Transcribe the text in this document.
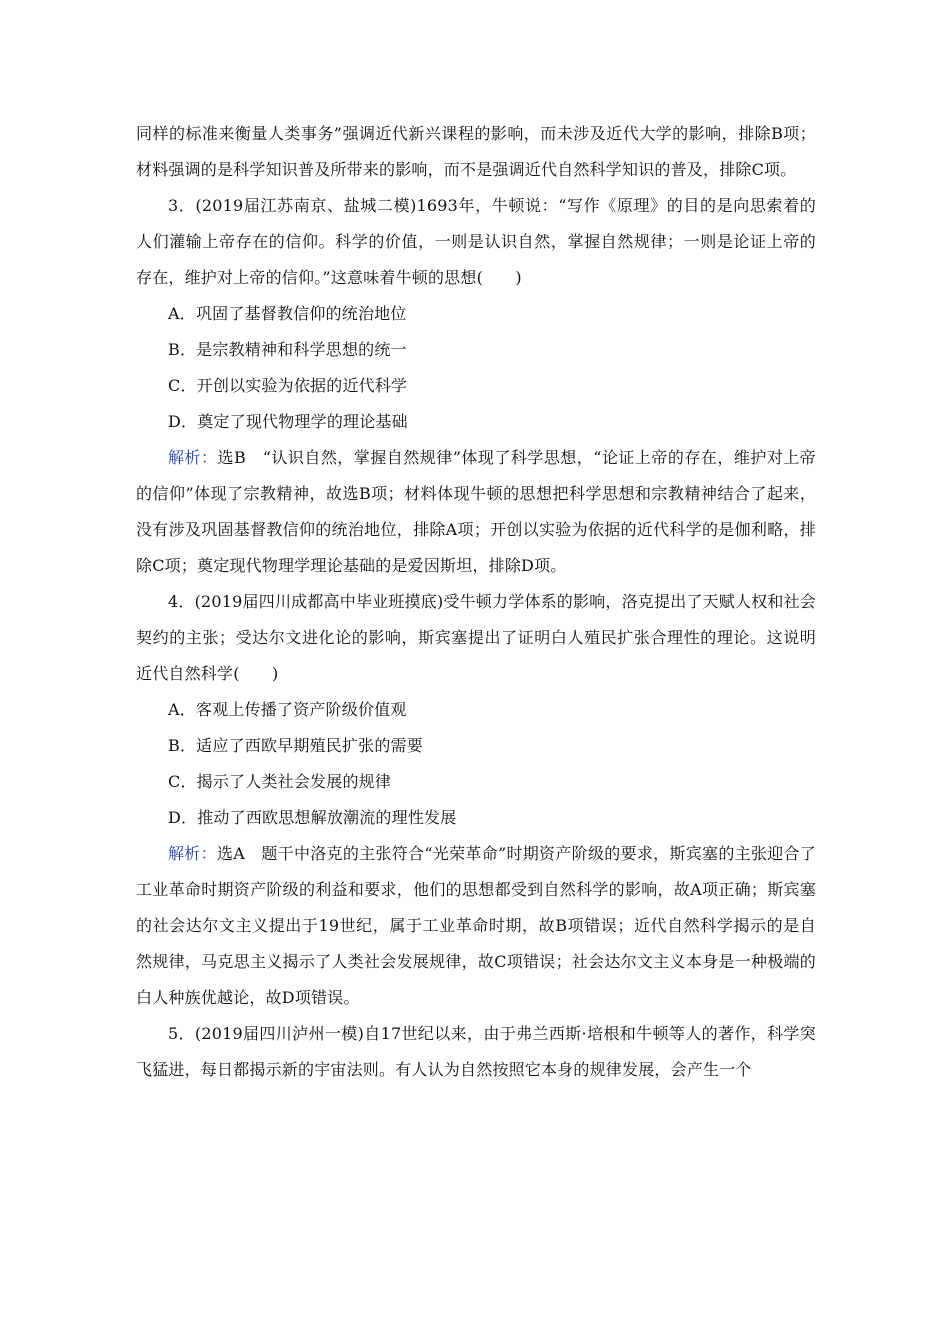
同样的标准来衡量人类事务”强调近代新兴课程的影响，而未涉及近代大学的影响，排除B项；材料强调的是科学知识普及所带来的影响，而不是强调近代自然科学知识的普及，排除C项。

3．(2019届江苏南京、盐城二模)1693年，牛顿说：“写作《原理》的目的是向思索着的人们灌输上帝存在的信仰。科学的价值，一则是认识自然，掌握自然规律；一则是论证上帝的存在，维护对上帝的信仰。”这意味着牛顿的思想(　　)

A．巩固了基督教信仰的统治地位

B．是宗教精神和科学思想的统一

C．开创以实验为依据的近代科学

D．奠定了现代物理学的理论基础

解析：选B　“认识自然，掌握自然规律”体现了科学思想，“论证上帝的存在，维护对上帝的信仰”体现了宗教精神，故选B项；材料体现牛顿的思想把科学思想和宗教精神结合了起来，没有涉及巩固基督教信仰的统治地位，排除A项；开创以实验为依据的近代科学的是伽利略，排除C项；奠定现代物理学理论基础的是爱因斯坦，排除D项。

4．(2019届四川成都高中毕业班摸底)受牛顿力学体系的影响，洛克提出了天赋人权和社会契约的主张；受达尔文进化论的影响，斯宾塞提出了证明白人殖民扩张合理性的理论。这说明近代自然科学(　　)

A．客观上传播了资产阶级价值观

B．适应了西欧早期殖民扩张的需要

C．揭示了人类社会发展的规律

D．推动了西欧思想解放潮流的理性发展

解析：选A　题干中洛克的主张符合“光荣革命”时期资产阶级的要求，斯宾塞的主张迎合了工业革命时期资产阶级的利益和要求，他们的思想都受到自然科学的影响，故A项正确；斯宾塞的社会达尔文主义提出于19世纪，属于工业革命时期，故B项错误；近代自然科学揭示的是自然规律，马克思主义揭示了人类社会发展规律，故C项错误；社会达尔文主义本身是一种极端的白人种族优越论，故D项错误。

5．(2019届四川泸州一模)自17世纪以来，由于弗兰西斯·培根和牛顿等人的著作，科学突飞猛进，每日都揭示新的宇宙法则。有人认为自然按照它本身的规律发展，会产生一个
